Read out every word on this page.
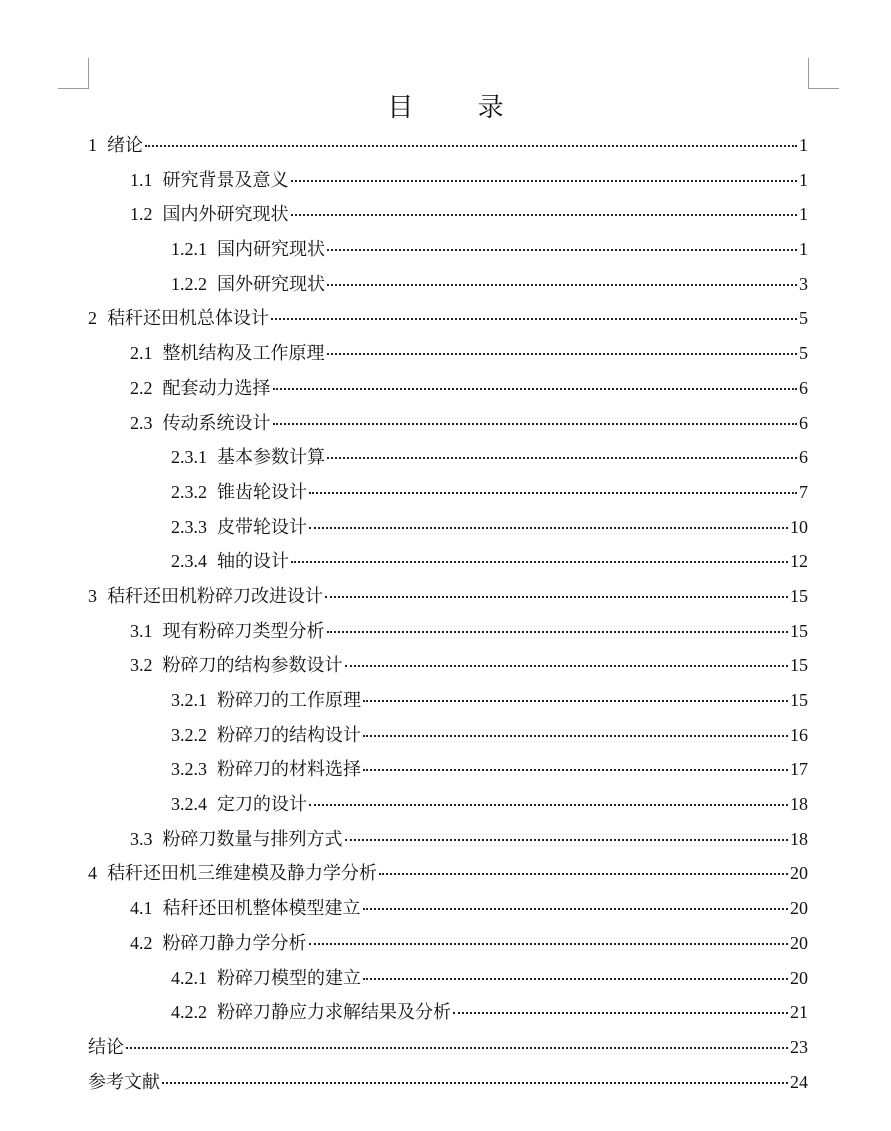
目 录
1 绪论	1
1.1 研究背景及意义	1
1.2 国内外研究现状	1
1.2.1 国内研究现状	1
1.2.2 国外研究现状	3
2 秸秆还田机总体设计	5
2.1 整机结构及工作原理	5
2.2 配套动力选择	6
2.3 传动系统设计	6
2.3.1 基本参数计算	6
2.3.2 锥齿轮设计	7
2.3.3 皮带轮设计	10
2.3.4 轴的设计	12
3 秸秆还田机粉碎刀改进设计	15
3.1 现有粉碎刀类型分析	15
3.2 粉碎刀的结构参数设计	15
3.2.1 粉碎刀的工作原理	15
3.2.2 粉碎刀的结构设计	16
3.2.3 粉碎刀的材料选择	17
3.2.4 定刀的设计	18
3.3 粉碎刀数量与排列方式	18
4 秸秆还田机三维建模及静力学分析	20
4.1 秸秆还田机整体模型建立	20
4.2 粉碎刀静力学分析	20
4.2.1 粉碎刀模型的建立	20
4.2.2 粉碎刀静应力求解结果及分析	21
结论	23
参考文献	24
